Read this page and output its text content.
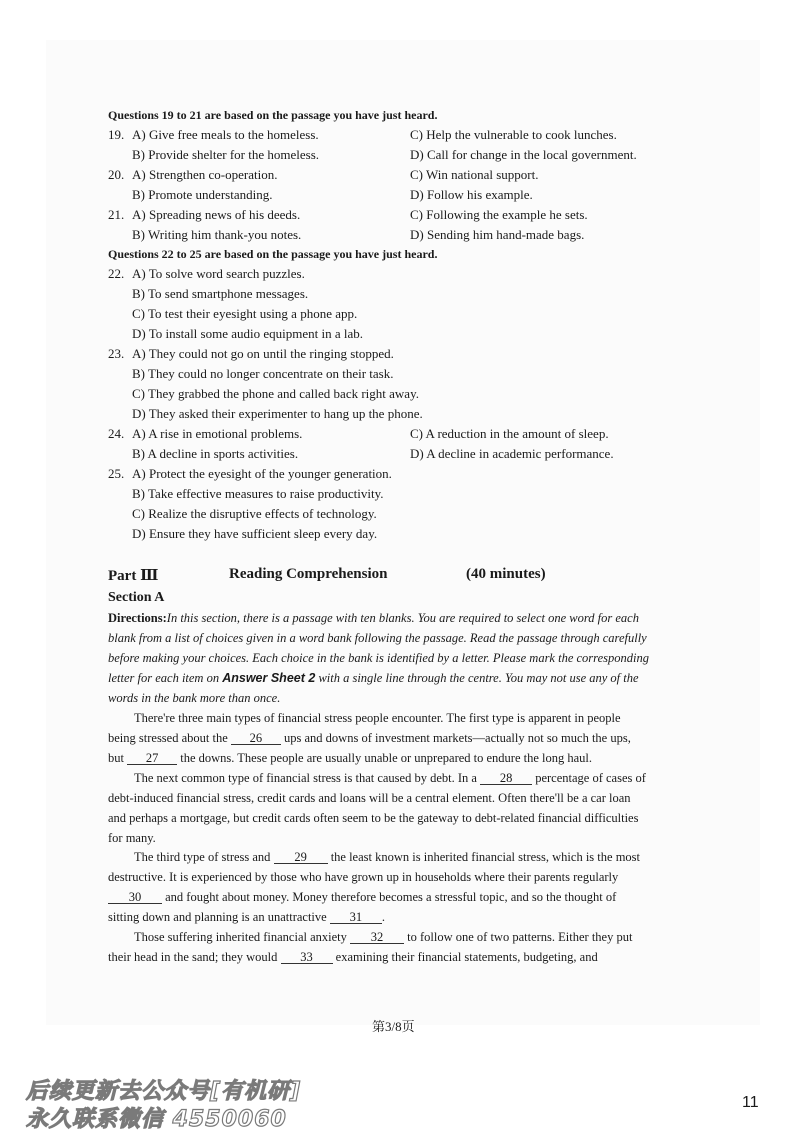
Questions 19 to 21 are based on the passage you have just heard.
19. A) Give free meals to the homeless.	C) Help the vulnerable to cook lunches.
B) Provide shelter for the homeless.	D) Call for change in the local government.
20. A) Strengthen co-operation.	C) Win national support.
B) Promote understanding.	D) Follow his example.
21. A) Spreading news of his deeds.	C) Following the example he sets.
B) Writing him thank-you notes.	D) Sending him hand-made bags.
Questions 22 to 25 are based on the passage you have just heard.
22. A) To solve word search puzzles.
B) To send smartphone messages.
C) To test their eyesight using a phone app.
D) To install some audio equipment in a lab.
23. A) They could not go on until the ringing stopped.
B) They could no longer concentrate on their task.
C) They grabbed the phone and called back right away.
D) They asked their experimenter to hang up the phone.
24. A) A rise in emotional problems.	C) A reduction in the amount of sleep.
B) A decline in sports activities.	D) A decline in academic performance.
25. A) Protect the eyesight of the younger generation.
B) Take effective measures to raise productivity.
C) Realize the disruptive effects of technology.
D) Ensure they have sufficient sleep every day.
Part Ⅲ	Reading Comprehension	(40 minutes)
Section A
Directions:In this section, there is a passage with ten blanks. You are required to select one word for each
blank from a list of choices given in a word bank following the passage. Read the passage through carefully
before making your choices. Each choice in the bank is identified by a letter. Please mark the corresponding
letter for each item on Answer Sheet 2 with a single line through the centre. You may not use any of the
words in the bank more than once.
There're three main types of financial stress people encounter. The first type is apparent in people
being stressed about the 26 ups and downs of investment markets—actually not so much the ups,
but 27 the downs. These people are usually unable or unprepared to endure the long haul.
The next common type of financial stress is that caused by debt. In a 28 percentage of cases of
debt-induced financial stress, credit cards and loans will be a central element. Often there'll be a car loan
and perhaps a mortgage, but credit cards often seem to be the gateway to debt-related financial difficulties
for many.
The third type of stress and 29 the least known is inherited financial stress, which is the most
destructive. It is experienced by those who have grown up in households where their parents regularly
30 and fought about money. Money therefore becomes a stressful topic, and so the thought of
sitting down and planning is an unattractive 31 .
Those suffering inherited financial anxiety 32 to follow one of two patterns. Either they put
their head in the sand; they would 33 examining their financial statements, budgeting, and
第3/8页
后续更新去公众号[有机研]
永久联系微信 4550060
11
